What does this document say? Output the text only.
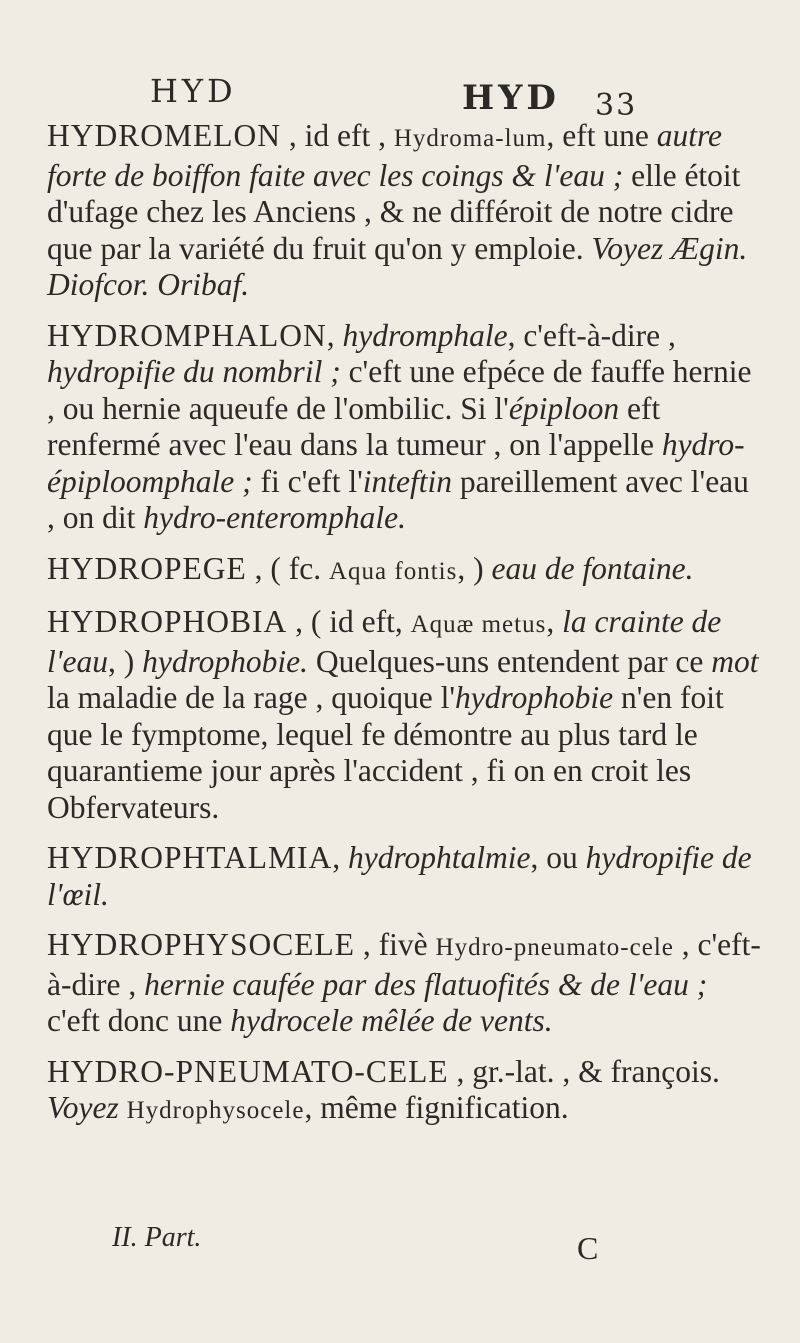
HYD	HYD 33

HYDROMELON , id eft , Hydroma-lum, eft une autre forte de boiffon faite avec les coings & l'eau ; elle étoit d'ufage chez les Anciens , & ne différoit de notre cidre que par la variété du fruit qu'on y emploie. Voyez Ægin. Diofcor. Oribaf.

HYDROMPHALON, hydromphale, c'eft-à-dire , hydropifie du nombril ; c'eft une efpéce de fauffe hernie , ou hernie aqueufe de l'ombilic. Si l'épiploon eft renfermé avec l'eau dans la tumeur , on l'appelle hydro-épiploomphale ; fi c'eft l'inteftin pareillement avec l'eau , on dit hydro-enteromphale.

HYDROPEGE , ( fc. Aqua fontis, ) eau de fontaine.

HYDROPHOBIA , ( id eft, Aquæ metus, la crainte de l'eau, ) hydrophobie. Quelques-uns entendent par ce mot la maladie de la rage , quoique l'hydrophobie n'en foit que le fymptome, lequel fe démontre au plus tard le quarantieme jour après l'accident , fi on en croit les Obfervateurs.

HYDROPHTALMIA, hydrophtalmie, ou hydropifie de l'œil.

HYDROPHYSOCELE , fivè Hydro-pneumato-cele , c'eft-à-dire , hernie caufée par des flatuofités & de l'eau ; c'eft donc une hydrocele mêlée de vents.

HYDRO-PNEUMATO-CELE , gr.-lat. , & françois. Voyez Hydrophysocele, même fignification.

II. Part.	C
